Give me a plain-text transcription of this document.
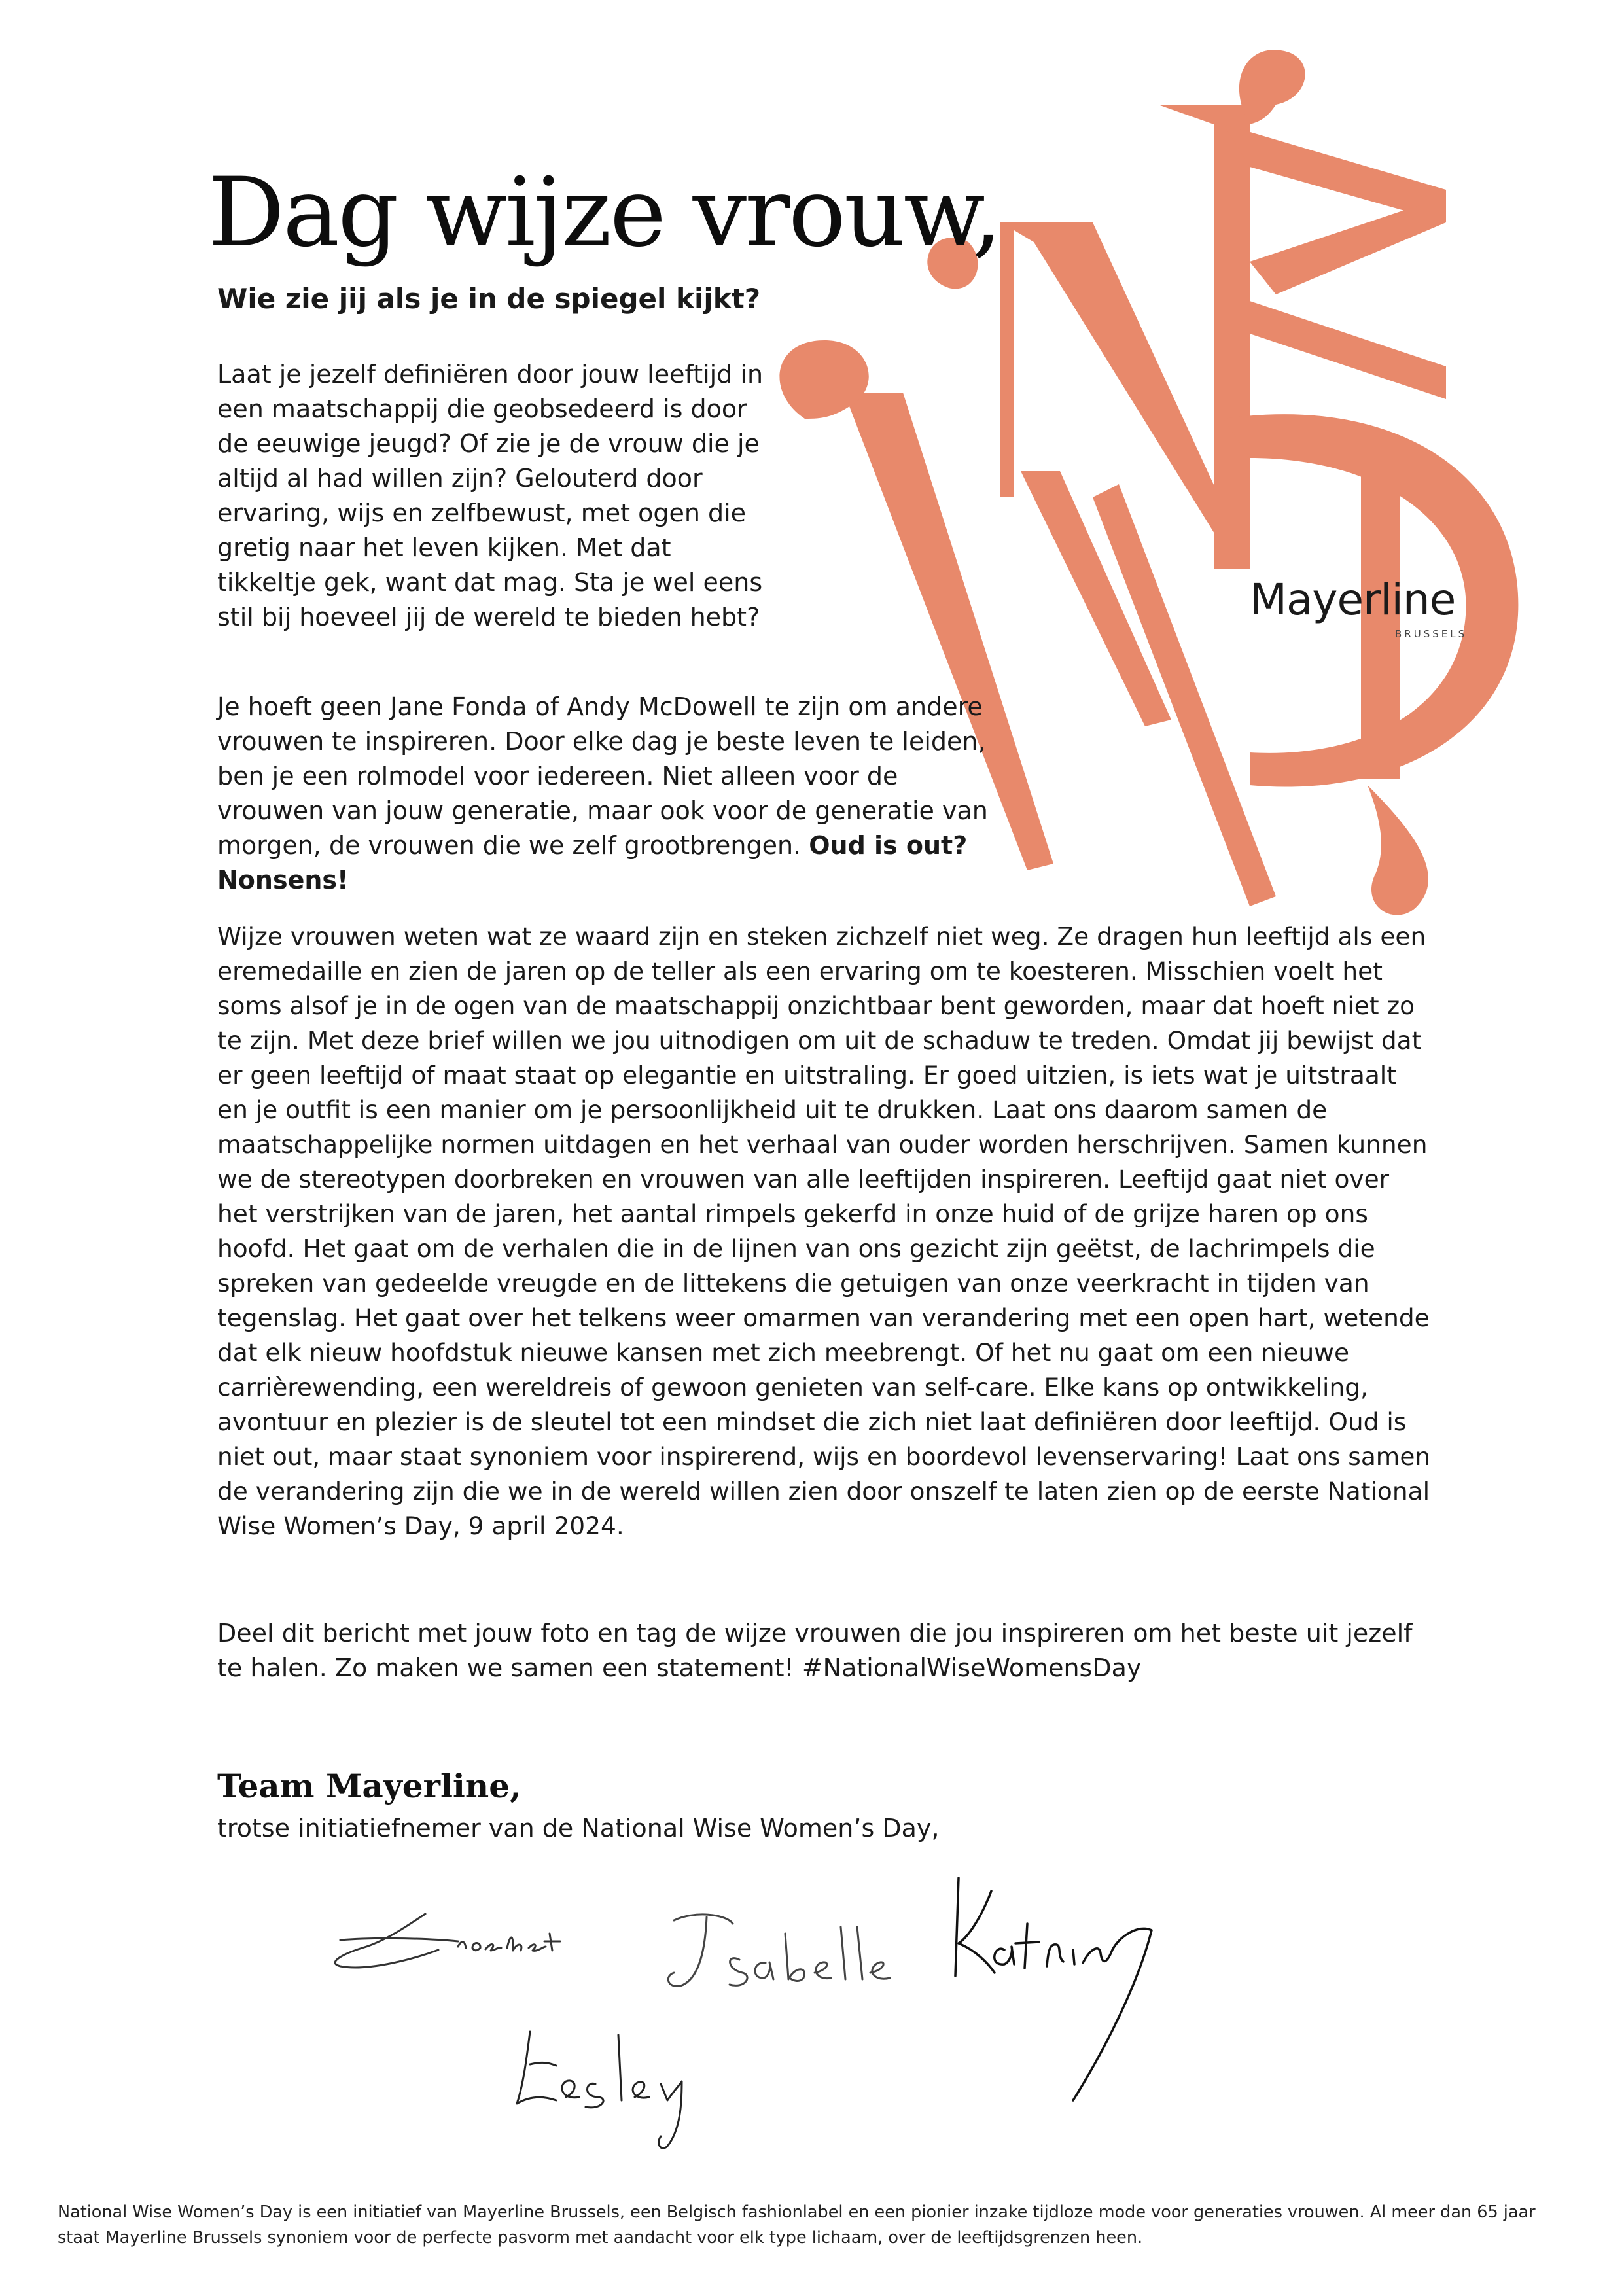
Mayerline
BRUSSELS
Dag wijze vrouw,
Wie zie jij als je in de spiegel kijkt?

Laat je jezelf definiëren door jouw leeftijd in een maatschappij die geobsedeerd is door de eeuwige jeugd? Of zie je de vrouw die je altijd al had willen zijn? Gelouterd door ervaring, wijs en zelfbewust, met ogen die gretig naar het leven kijken. Met dat tikkeltje gek, want dat mag. Sta je wel eens stil bij hoeveel jij de wereld te bieden hebt?

Je hoeft geen Jane Fonda of Andy McDowell te zijn om andere vrouwen te inspireren. Door elke dag je beste leven te leiden, ben je een rolmodel voor iedereen. Niet alleen voor de vrouwen van jouw generatie, maar ook voor de generatie van morgen, de vrouwen die we zelf grootbrengen. Oud is out? Nonsens!

Wijze vrouwen weten wat ze waard zijn en steken zichzelf niet weg. Ze dragen hun leeftijd als een eremedaille en zien de jaren op de teller als een ervaring om te koesteren. Misschien voelt het soms alsof je in de ogen van de maatschappij onzichtbaar bent geworden, maar dat hoeft niet zo te zijn. Met deze brief willen we jou uitnodigen om uit de schaduw te treden. Omdat jij bewijst dat er geen leeftijd of maat staat op elegantie en uitstraling. Er goed uitzien, is iets wat je uitstraalt en je outfit is een manier om je persoonlijkheid uit te drukken. Laat ons daarom samen de maatschappelijke normen uitdagen en het verhaal van ouder worden herschrijven. Samen kunnen we de stereotypen doorbreken en vrouwen van alle leeftijden inspireren. Leeftijd gaat niet over het verstrijken van de jaren, het aantal rimpels gekerfd in onze huid of de grijze haren op ons hoofd. Het gaat om de verhalen die in de lijnen van ons gezicht zijn geëtst, de lachrimpels die spreken van gedeelde vreugde en de littekens die getuigen van onze veerkracht in tijden van tegenslag. Het gaat over het telkens weer omarmen van verandering met een open hart, wetende dat elk nieuw hoofdstuk nieuwe kansen met zich meebrengt. Of het nu gaat om een nieuwe carrièrewending, een wereldreis of gewoon genieten van self-care. Elke kans op ontwikkeling, avontuur en plezier is de sleutel tot een mindset die zich niet laat definiëren door leeftijd. Oud is niet out, maar staat synoniem voor inspirerend, wijs en boordevol levenservaring! Laat ons samen de verandering zijn die we in de wereld willen zien door onszelf te laten zien op de eerste National Wise Women’s Day, 9 april 2024.

Deel dit bericht met jouw foto en tag de wijze vrouwen die jou inspireren om het beste uit jezelf te halen. Zo maken we samen een statement! #NationalWiseWomensDay

Team Mayerline,

trotse initiatiefnemer van de National Wise Women’s Day,

National Wise Women’s Day is een initiatief van Mayerline Brussels, een Belgisch fashionlabel en een pionier inzake tijdloze mode voor generaties vrouwen. Al meer dan 65 jaar staat Mayerline Brussels synoniem voor de perfecte pasvorm met aandacht voor elk type lichaam, over de leeftijdsgrenzen heen.
